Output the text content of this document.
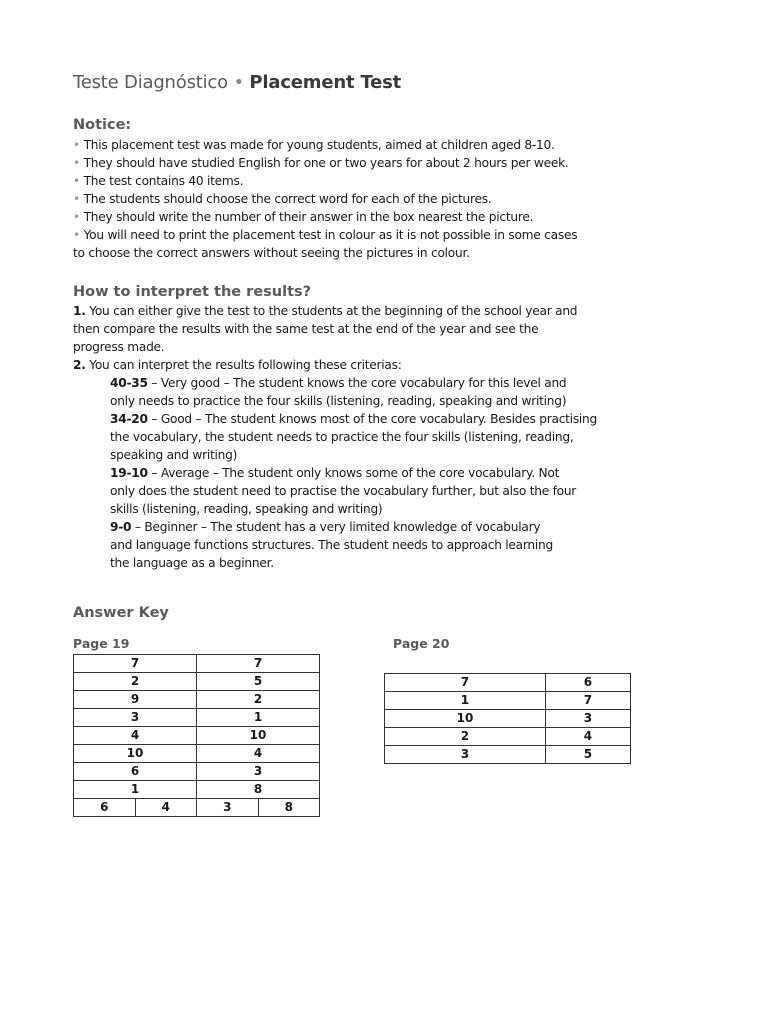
Teste Diagnóstico • Placement Test
Notice:
• This placement test was made for young students, aimed at children aged 8-10.
• They should have studied English for one or two years for about 2 hours per week.
• The test contains 40 items.
• The students should choose the correct word for each of the pictures.
• They should write the number of their answer in the box nearest the picture.
• You will need to print the placement test in colour as it is not possible in some cases
to choose the correct answers without seeing the pictures in colour.
How to interpret the results?
1. You can either give the test to the students at the beginning of the school year and
then compare the results with the same test at the end of the year and see the
progress made.
2. You can interpret the results following these criterias:
40-35 – Very good – The student knows the core vocabulary for this level and
only needs to practice the four skills (listening, reading, speaking and writing)
34-20 – Good – The student knows most of the core vocabulary. Besides practising
the vocabulary, the student needs to practice the four skills (listening, reading,
speaking and writing)
19-10 – Average – The student only knows some of the core vocabulary. Not
only does the student need to practise the vocabulary further, but also the four
skills (listening, reading, speaking and writing)
9-0 – Beginner – The student has a very limited knowledge of vocabulary
and language functions structures. The student needs to approach learning
the language as a beginner.
Answer Key
Page 19	Page 20
7		7	
2		5	
9		2	
3		1	
4		10	
10		4	
6		3	
1		8	
6	4	3	8
7	6
1	7
10	3
2	4
3	5
